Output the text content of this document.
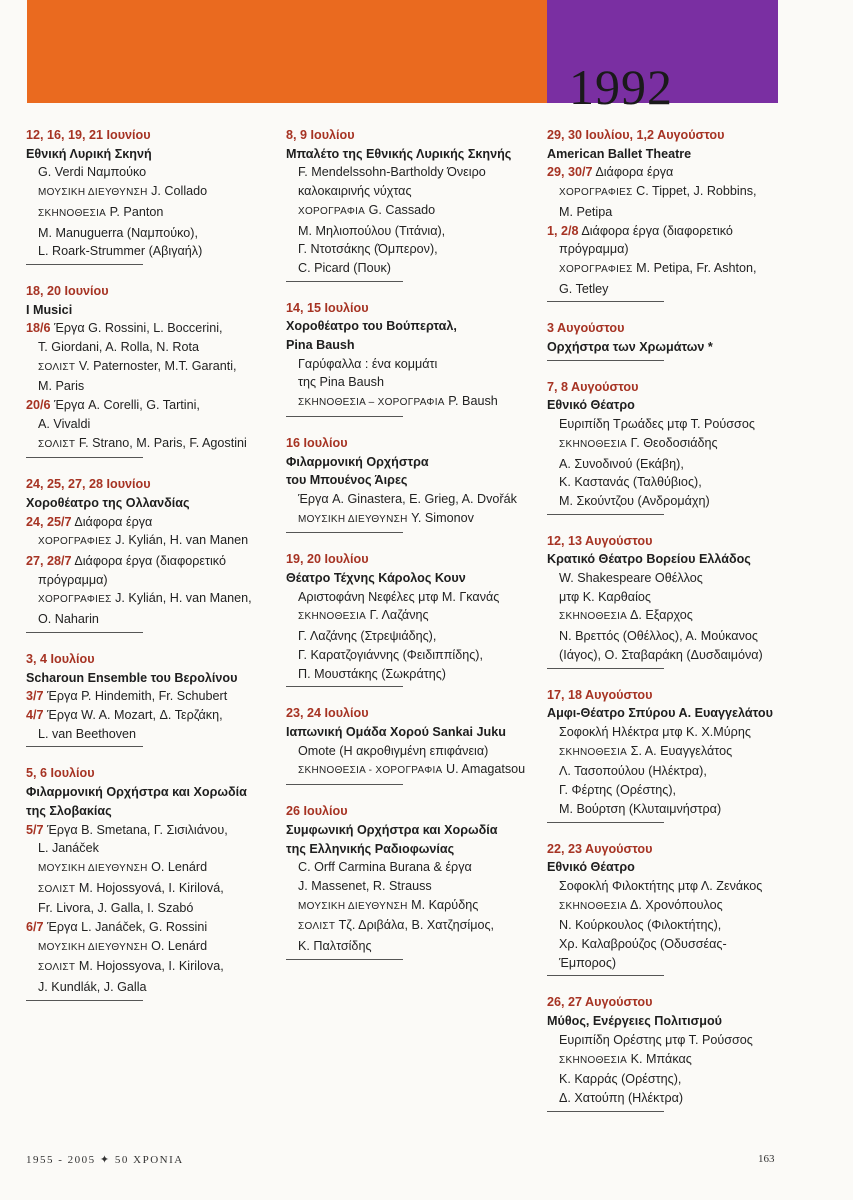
1992
12, 16, 19, 21 Ιουνίου
Εθνική Λυρική Σκηνή
G. Verdi Ναμπούκο
ΜΟΥΣΙΚΗ ΔΙΕΥΘΥΝΣΗ J. Collado
ΣΚΗΝΟΘΕΣΙΑ P. Panton
M. Manuguerra (Ναμπούκο),
L. Roark-Strummer (Αβιγαήλ)
18, 20 Ιουνίου
I Musici
18/6 Έργα G. Rossini, L. Boccerini,
T. Giordani, A. Rolla, N. Rota
ΣΟΛΙΣΤ V. Paternoster, M.T. Garanti,
M. Paris
20/6 Έργα A. Corelli, G. Tartini,
A. Vivaldi
ΣΟΛΙΣΤ F. Strano, M. Paris, F. Agostini
24, 25, 27, 28 Ιουνίου
Χοροθέατρο της Ολλανδίας
24, 25/7 Διάφορα έργα
ΧΟΡΟΓΡΑΦΙΕΣ J. Kylián, H. van Manen
27, 28/7 Διάφορα έργα (διαφορετικό
πρόγραμμα)
ΧΟΡΟΓΡΑΦΙΕΣ J. Kylián, H. van Manen,
O. Naharin
3, 4 Ιουλίου
Scharoun Ensemble του Βερολίνου
3/7 Έργα P. Hindemith, Fr. Schubert
4/7 Έργα W. A. Mozart, Δ. Τερζάκη,
L. van Beethoven
5, 6 Ιουλίου
Φιλαρμονική Ορχήστρα και Χορωδία
της Σλοβακίας
5/7 Έργα B. Smetana, Γ. Σισιλιάνου,
L. Janáček
ΜΟΥΣΙΚΗ ΔΙΕΥΘΥΝΣΗ O. Lenárd
ΣΟΛΙΣΤ M. Hojossyová, I. Kirilová,
Fr. Livora, J. Galla, I. Szabó
6/7 Έργα L. Janáček, G. Rossini
ΜΟΥΣΙΚΗ ΔΙΕΥΘΥΝΣΗ O. Lenárd
ΣΟΛΙΣΤ M. Hojossyova, I. Kirilova,
J. Kundlák, J. Galla
8, 9 Ιουλίου
Μπαλέτο της Εθνικής Λυρικής Σκηνής
F. Mendelssohn-Bartholdy Όνειρο
καλοκαιρινής νύχτας
ΧΟΡΟΓΡΑΦΙΑ G. Cassado
Μ. Μηλιοπούλου (Τιτάνια),
Γ. Ντοτσάκης (Όμπερον),
C. Picard (Πουκ)
14, 15 Ιουλίου
Χοροθέατρο του Βούπερταλ,
Pina Baush
Γαρύφαλλα : ένα κομμάτι
της Pina Baush
ΣΚΗΝΟΘΕΣΙΑ – ΧΟΡΟΓΡΑΦΙΑ P. Baush
16 Ιουλίου
Φιλαρμονική Ορχήστρα
του Μπουένος Άιρες
Έργα A. Ginastera, E. Grieg, A. Dvořák
ΜΟΥΣΙΚΗ ΔΙΕΥΘΥΝΣΗ Y. Simonov
19, 20 Ιουλίου
Θέατρο Τέχνης Κάρολος Κουν
Αριστοφάνη Νεφέλες μτφ Μ. Γκανάς
ΣΚΗΝΟΘΕΣΙΑ Γ. Λαζάνης
Γ. Λαζάνης (Στρεψιάδης),
Γ. Καρατζογιάννης (Φειδιππίδης),
Π. Μουστάκης (Σωκράτης)
23, 24 Ιουλίου
Ιαπωνική Ομάδα Χορού Sankai Juku
Omote (Η ακροθιγμένη επιφάνεια)
ΣΚΗΝΟΘΕΣΙΑ - ΧΟΡΟΓΡΑΦΙΑ U. Amagatsou
26 Ιουλίου
Συμφωνική Ορχήστρα και Χορωδία
της Ελληνικής Ραδιοφωνίας
C. Orff Carmina Burana & έργα
J. Massenet, R. Strauss
ΜΟΥΣΙΚΗ ΔΙΕΥΘΥΝΣΗ Μ. Καρύδης
ΣΟΛΙΣΤ Τζ. Δριβάλα, Β. Χατζησίμος,
Κ. Παλτσίδης
29, 30 Ιουλίου, 1,2 Αυγούστου
American Ballet Theatre
29, 30/7 Διάφορα έργα
ΧΟΡΟΓΡΑΦΙΕΣ C. Tippet, J. Robbins,
M. Petipa
1, 2/8 Διάφορα έργα (διαφορετικό
πρόγραμμα)
ΧΟΡΟΓΡΑΦΙΕΣ M. Petipa, Fr. Ashton,
G. Tetley
3 Αυγούστου
Ορχήστρα των Χρωμάτων *
7, 8 Αυγούστου
Εθνικό Θέατρο
Ευριπίδη Τρωάδες μτφ Τ. Ρούσσος
ΣΚΗΝΟΘΕΣΙΑ Γ. Θεοδοσιάδης
Α. Συνοδινού (Εκάβη),
Κ. Καστανάς (Ταλθύβιος),
Μ. Σκούντζου (Ανδρομάχη)
12, 13 Αυγούστου
Κρατικό Θέατρο Βορείου Ελλάδος
W. Shakespeare Οθέλλος
μτφ Κ. Καρθαίος
ΣΚΗΝΟΘΕΣΙΑ Δ. Εξαρχος
Ν. Βρεττός (Οθέλλος), Α. Μούκανος
(Ιάγος), Ο. Σταβαράκη (Δυσδαιμόνα)
17, 18 Αυγούστου
Αμφι-Θέατρο Σπύρου Α. Ευαγγελάτου
Σοφοκλή Ηλέκτρα μτφ Κ. Χ.Μύρης
ΣΚΗΝΟΘΕΣΙΑ Σ. Α. Ευαγγελάτος
Λ. Τασοπούλου (Ηλέκτρα),
Γ. Φέρτης (Ορέστης),
Μ. Βούρτση (Κλυταιμνήστρα)
22, 23 Αυγούστου
Εθνικό Θέατρο
Σοφοκλή Φιλοκτήτης μτφ Λ. Ζενάκος
ΣΚΗΝΟΘΕΣΙΑ Δ. Χρονόπουλος
Ν. Κούρκουλος (Φιλοκτήτης),
Χρ. Καλαβρούζος (Οδυσσέας-
Έμπορος)
26, 27 Αυγούστου
Μύθος, Ενέργειες Πολιτισμού
Ευριπίδη Ορέστης μτφ Τ. Ρούσσος
ΣΚΗΝΟΘΕΣΙΑ Κ. Μπάκας
Κ. Καρράς (Ορέστης),
Δ. Χατούπη (Ηλέκτρα)
1955 - 2005 ✦ 50 ΧΡΟΝΙΑ	163
